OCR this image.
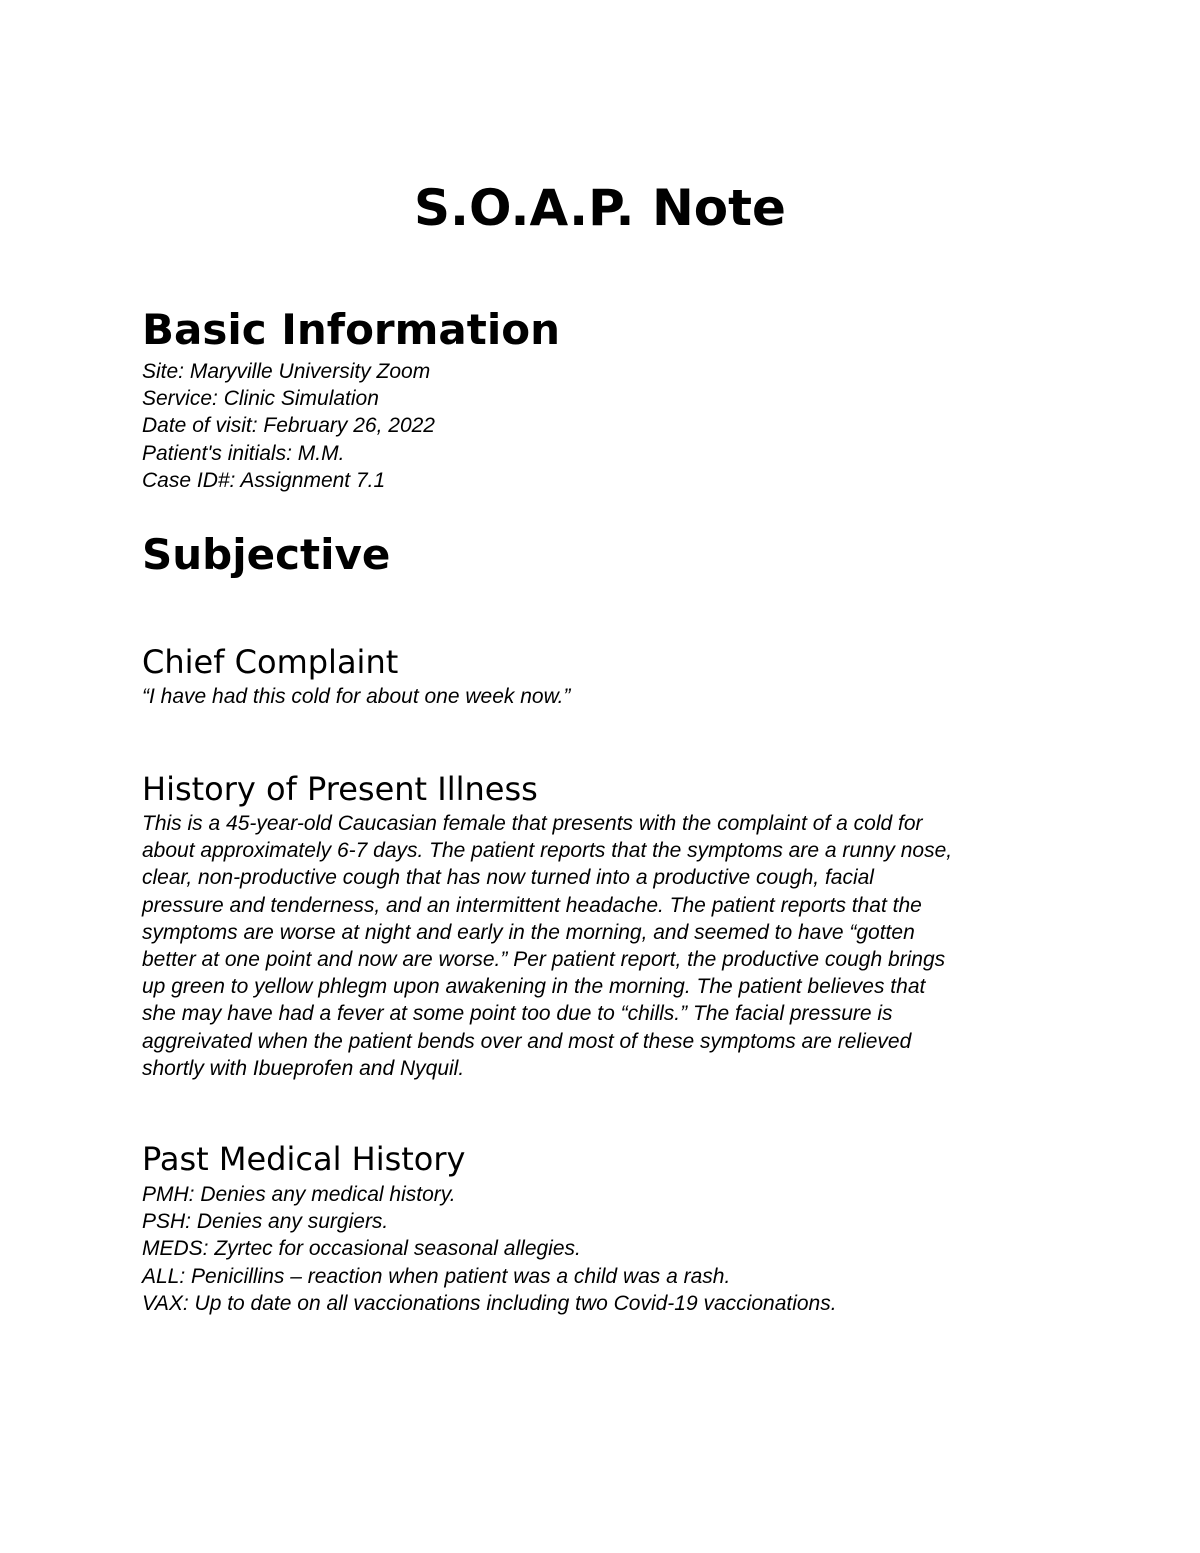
S.O.A.P. Note
Basic Information
Site: Maryville University Zoom
Service: Clinic Simulation
Date of visit: February 26, 2022
Patient's initials: M.M.
Case ID#: Assignment 7.1
Subjective
Chief Complaint
“I have had this cold for about one week now.”
History of Present Illness
This is a 45-year-old Caucasian female that presents with the complaint of a cold for
about approximately 6-7 days. The patient reports that the symptoms are a runny nose,
clear, non-productive cough that has now turned into a productive cough, facial
pressure and tenderness, and an intermittent headache. The patient reports that the
symptoms are worse at night and early in the morning, and seemed to have “gotten
better at one point and now are worse.” Per patient report, the productive cough brings
up green to yellow phlegm upon awakening in the morning. The patient believes that
she may have had a fever at some point too due to “chills.” The facial pressure is
aggreivated when the patient bends over and most of these symptoms are relieved
shortly with Ibueprofen and Nyquil.
Past Medical History
PMH: Denies any medical history.
PSH: Denies any surgiers.
MEDS: Zyrtec for occasional seasonal allegies.
ALL: Penicillins – reaction when patient was a child was a rash.
VAX: Up to date on all vaccionations including two Covid-19 vaccionations.
